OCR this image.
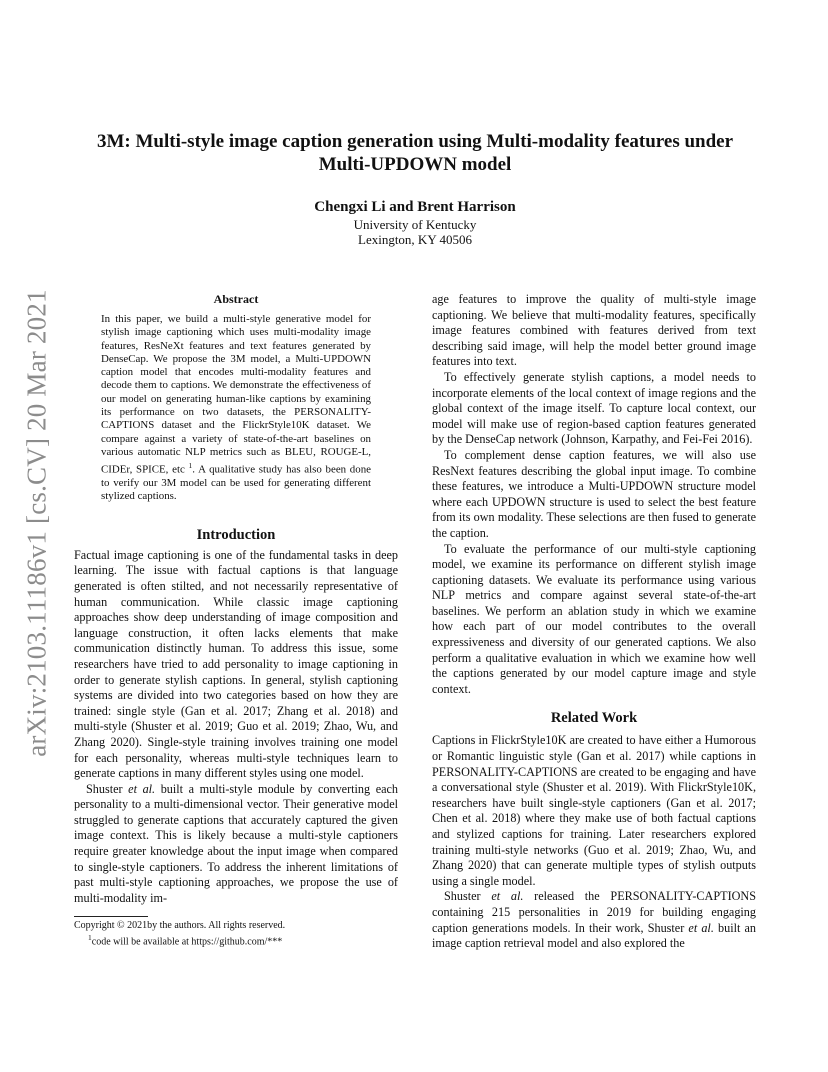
arXiv:2103.11186v1 [cs.CV] 20 Mar 2021
3M: Multi-style image caption generation using Multi-modality features under Multi-UPDOWN model
Chengxi Li and Brent Harrison
University of Kentucky
Lexington, KY 40506
Abstract

In this paper, we build a multi-style generative model for stylish image captioning which uses multi-modality image features, ResNeXt features and text features generated by DenseCap. We propose the 3M model, a Multi-UPDOWN caption model that encodes multi-modality features and decode them to captions. We demonstrate the effectiveness of our model on generating human-like captions by examining its performance on two datasets, the PERSONALITY-CAPTIONS dataset and the FlickrStyle10K dataset. We compare against a variety of state-of-the-art baselines on various automatic NLP metrics such as BLEU, ROUGE-L, CIDEr, SPICE, etc $^1$. A qualitative study has also been done to verify our 3M model can be used for generating different stylized captions.

Introduction

Factual image captioning is one of the fundamental tasks in deep learning. The issue with factual captions is that language generated is often stilted, and not necessarily representative of human communication. While classic image captioning approaches show deep understanding of image composition and language construction, it often lacks elements that make communication distinctly human. To address this issue, some researchers have tried to add personality to image captioning in order to generate stylish captions. In general, stylish captioning systems are divided into two categories based on how they are trained: single style (Gan et al. 2017; Zhang et al. 2018) and multi-style (Shuster et al. 2019; Guo et al. 2019; Zhao, Wu, and Zhang 2020). Single-style training involves training one model for each personality, whereas multi-style techniques learn to generate captions in many different styles using one model.

Shuster et al. built a multi-style module by converting each personality to a multi-dimensional vector. Their generative model struggled to generate captions that accurately captured the given image context. This is likely because a multi-style captioners require greater knowledge about the input image when compared to single-style captioners. To address the inherent limitations of past multi-style captioning approaches, we propose the use of multi-modality im-

Copyright © 2021by the authors. All rights reserved.

$^1$code will be available at https://github.com/***

age features to improve the quality of multi-style image captioning. We believe that multi-modality features, specifically image features combined with features derived from text describing said image, will help the model better ground image features into text.

To effectively generate stylish captions, a model needs to incorporate elements of the local context of image regions and the global context of the image itself. To capture local context, our model will make use of region-based caption features generated by the DenseCap network (Johnson, Karpathy, and Fei-Fei 2016).

To complement dense caption features, we will also use ResNext features describing the global input image. To combine these features, we introduce a Multi-UPDOWN structure model where each UPDOWN structure is used to select the best feature from its own modality. These selections are then fused to generate the caption.

To evaluate the performance of our multi-style captioning model, we examine its performance on different stylish image captioning datasets. We evaluate its performance using various NLP metrics and compare against several state-of-the-art baselines. We perform an ablation study in which we examine how each part of our model contributes to the overall expressiveness and diversity of our generated captions. We also perform a qualitative evaluation in which we examine how well the captions generated by our model capture image and style context.

Related Work

Captions in FlickrStyle10K are created to have either a Humorous or Romantic linguistic style (Gan et al. 2017) while captions in PERSONALITY-CAPTIONS are created to be engaging and have a conversational style (Shuster et al. 2019). With FlickrStyle10K, researchers have built single-style captioners (Gan et al. 2017; Chen et al. 2018) where they make use of both factual captions and stylized captions for training. Later researchers explored training multi-style networks (Guo et al. 2019; Zhao, Wu, and Zhang 2020) that can generate multiple types of stylish outputs using a single model.

Shuster et al. released the PERSONALITY-CAPTIONS containing 215 personalities in 2019 for building engaging caption generations models. In their work, Shuster et al. built an image caption retrieval model and also explored the
